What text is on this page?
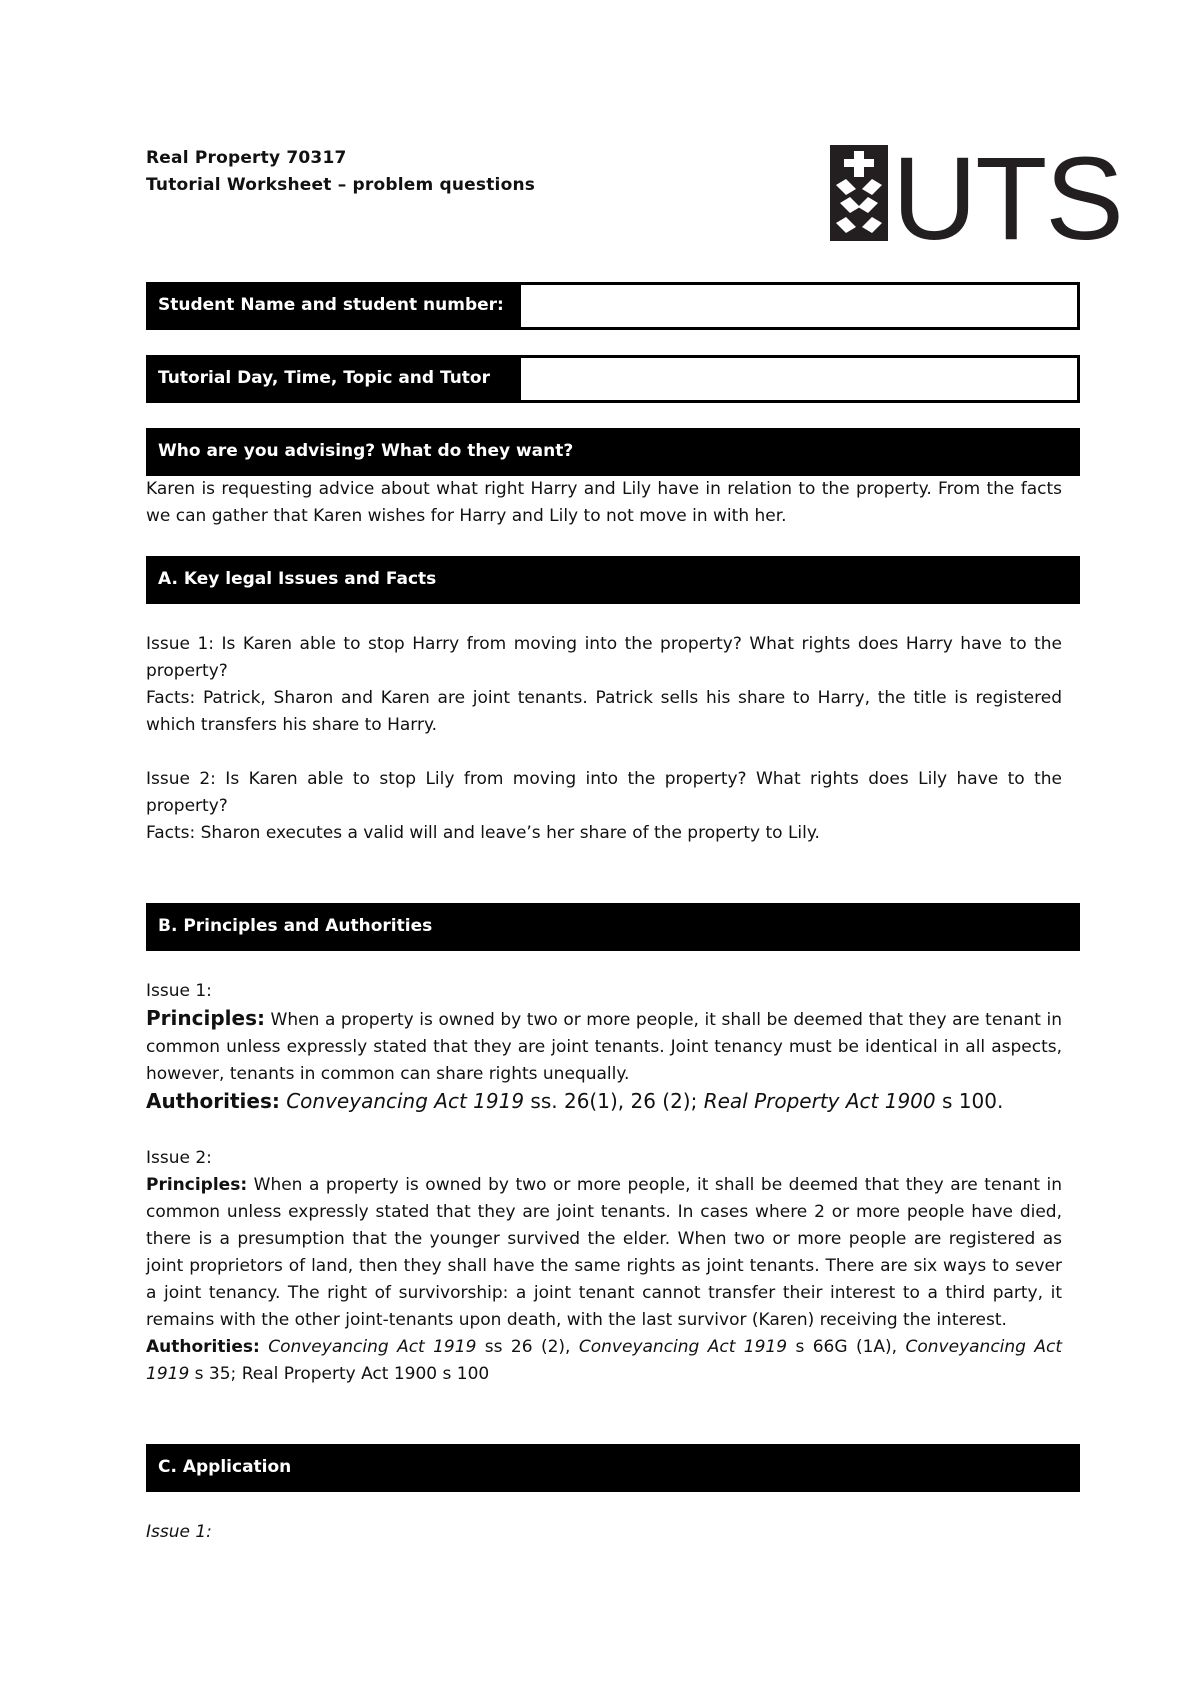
Real Property 70317
Tutorial Worksheet – problem questions	UTS
Student Name and student number:
Tutorial Day, Time, Topic and Tutor
Who are you advising? What do they want?
Karen is requesting advice about what right Harry and Lily have in relation to the property. From the facts we can gather that Karen wishes for Harry and Lily to not move in with her.
A. Key legal Issues and Facts

Issue 1: Is Karen able to stop Harry from moving into the property? What rights does Harry have to the property?

Facts: Patrick, Sharon and Karen are joint tenants. Patrick sells his share to Harry, the title is registered which transfers his share to Harry.

Issue 2: Is Karen able to stop Lily from moving into the property? What rights does Lily have to the property?

Facts: Sharon executes a valid will and leave’s her share of the property to Lily.

B. Principles and Authorities

Issue 1:

Principles: When a property is owned by two or more people, it shall be deemed that they are tenant in common unless expressly stated that they are joint tenants. Joint tenancy must be identical in all aspects, however, tenants in common can share rights unequally.

Authorities: Conveyancing Act 1919 ss. 26(1), 26 (2); Real Property Act 1900 s 100.

Issue 2:

Principles: When a property is owned by two or more people, it shall be deemed that they are tenant in common unless expressly stated that they are joint tenants. In cases where 2 or more people have died, there is a presumption that the younger survived the elder. When two or more people are registered as joint proprietors of land, then they shall have the same rights as joint tenants. There are six ways to sever a joint tenancy. The right of survivorship: a joint tenant cannot transfer their interest to a third party, it remains with the other joint-tenants upon death, with the last survivor (Karen) receiving the interest.

Authorities: Conveyancing Act 1919 ss 26 (2), Conveyancing Act 1919 s 66G (1A), Conveyancing Act 1919 s 35; Real Property Act 1900 s 100

C. Application

Issue 1:
